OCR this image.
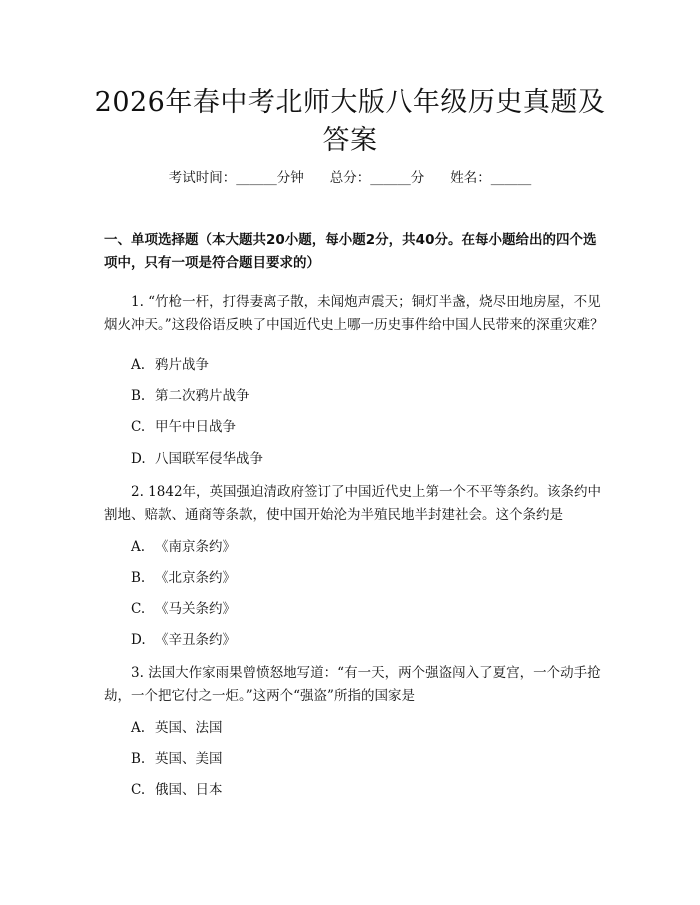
2026年春中考北师大版八年级历史真题及答案
考试时间：______分钟 总分：______分 姓名：______

一、单项选择题（本大题共20小题，每小题2分，共40分。在每小题给出的四个选项中，只有一项是符合题目要求的）

1. “竹枪一杆，打得妻离子散，未闻炮声震天；铜灯半盏，烧尽田地房屋，不见烟火冲天。”这段俗语反映了中国近代史上哪一历史事件给中国人民带来的深重灾难？

A. 鸦片战争

B. 第二次鸦片战争

C. 甲午中日战争

D. 八国联军侵华战争

2. 1842年，英国强迫清政府签订了中国近代史上第一个不平等条约。该条约中割地、赔款、通商等条款，使中国开始沦为半殖民地半封建社会。这个条约是

A. 《南京条约》

B. 《北京条约》

C. 《马关条约》

D. 《辛丑条约》

3. 法国大作家雨果曾愤怒地写道：“有一天，两个强盗闯入了夏宫，一个动手抢劫，一个把它付之一炬。”这两个“强盗”所指的国家是

A. 英国、法国

B. 英国、美国

C. 俄国、日本
